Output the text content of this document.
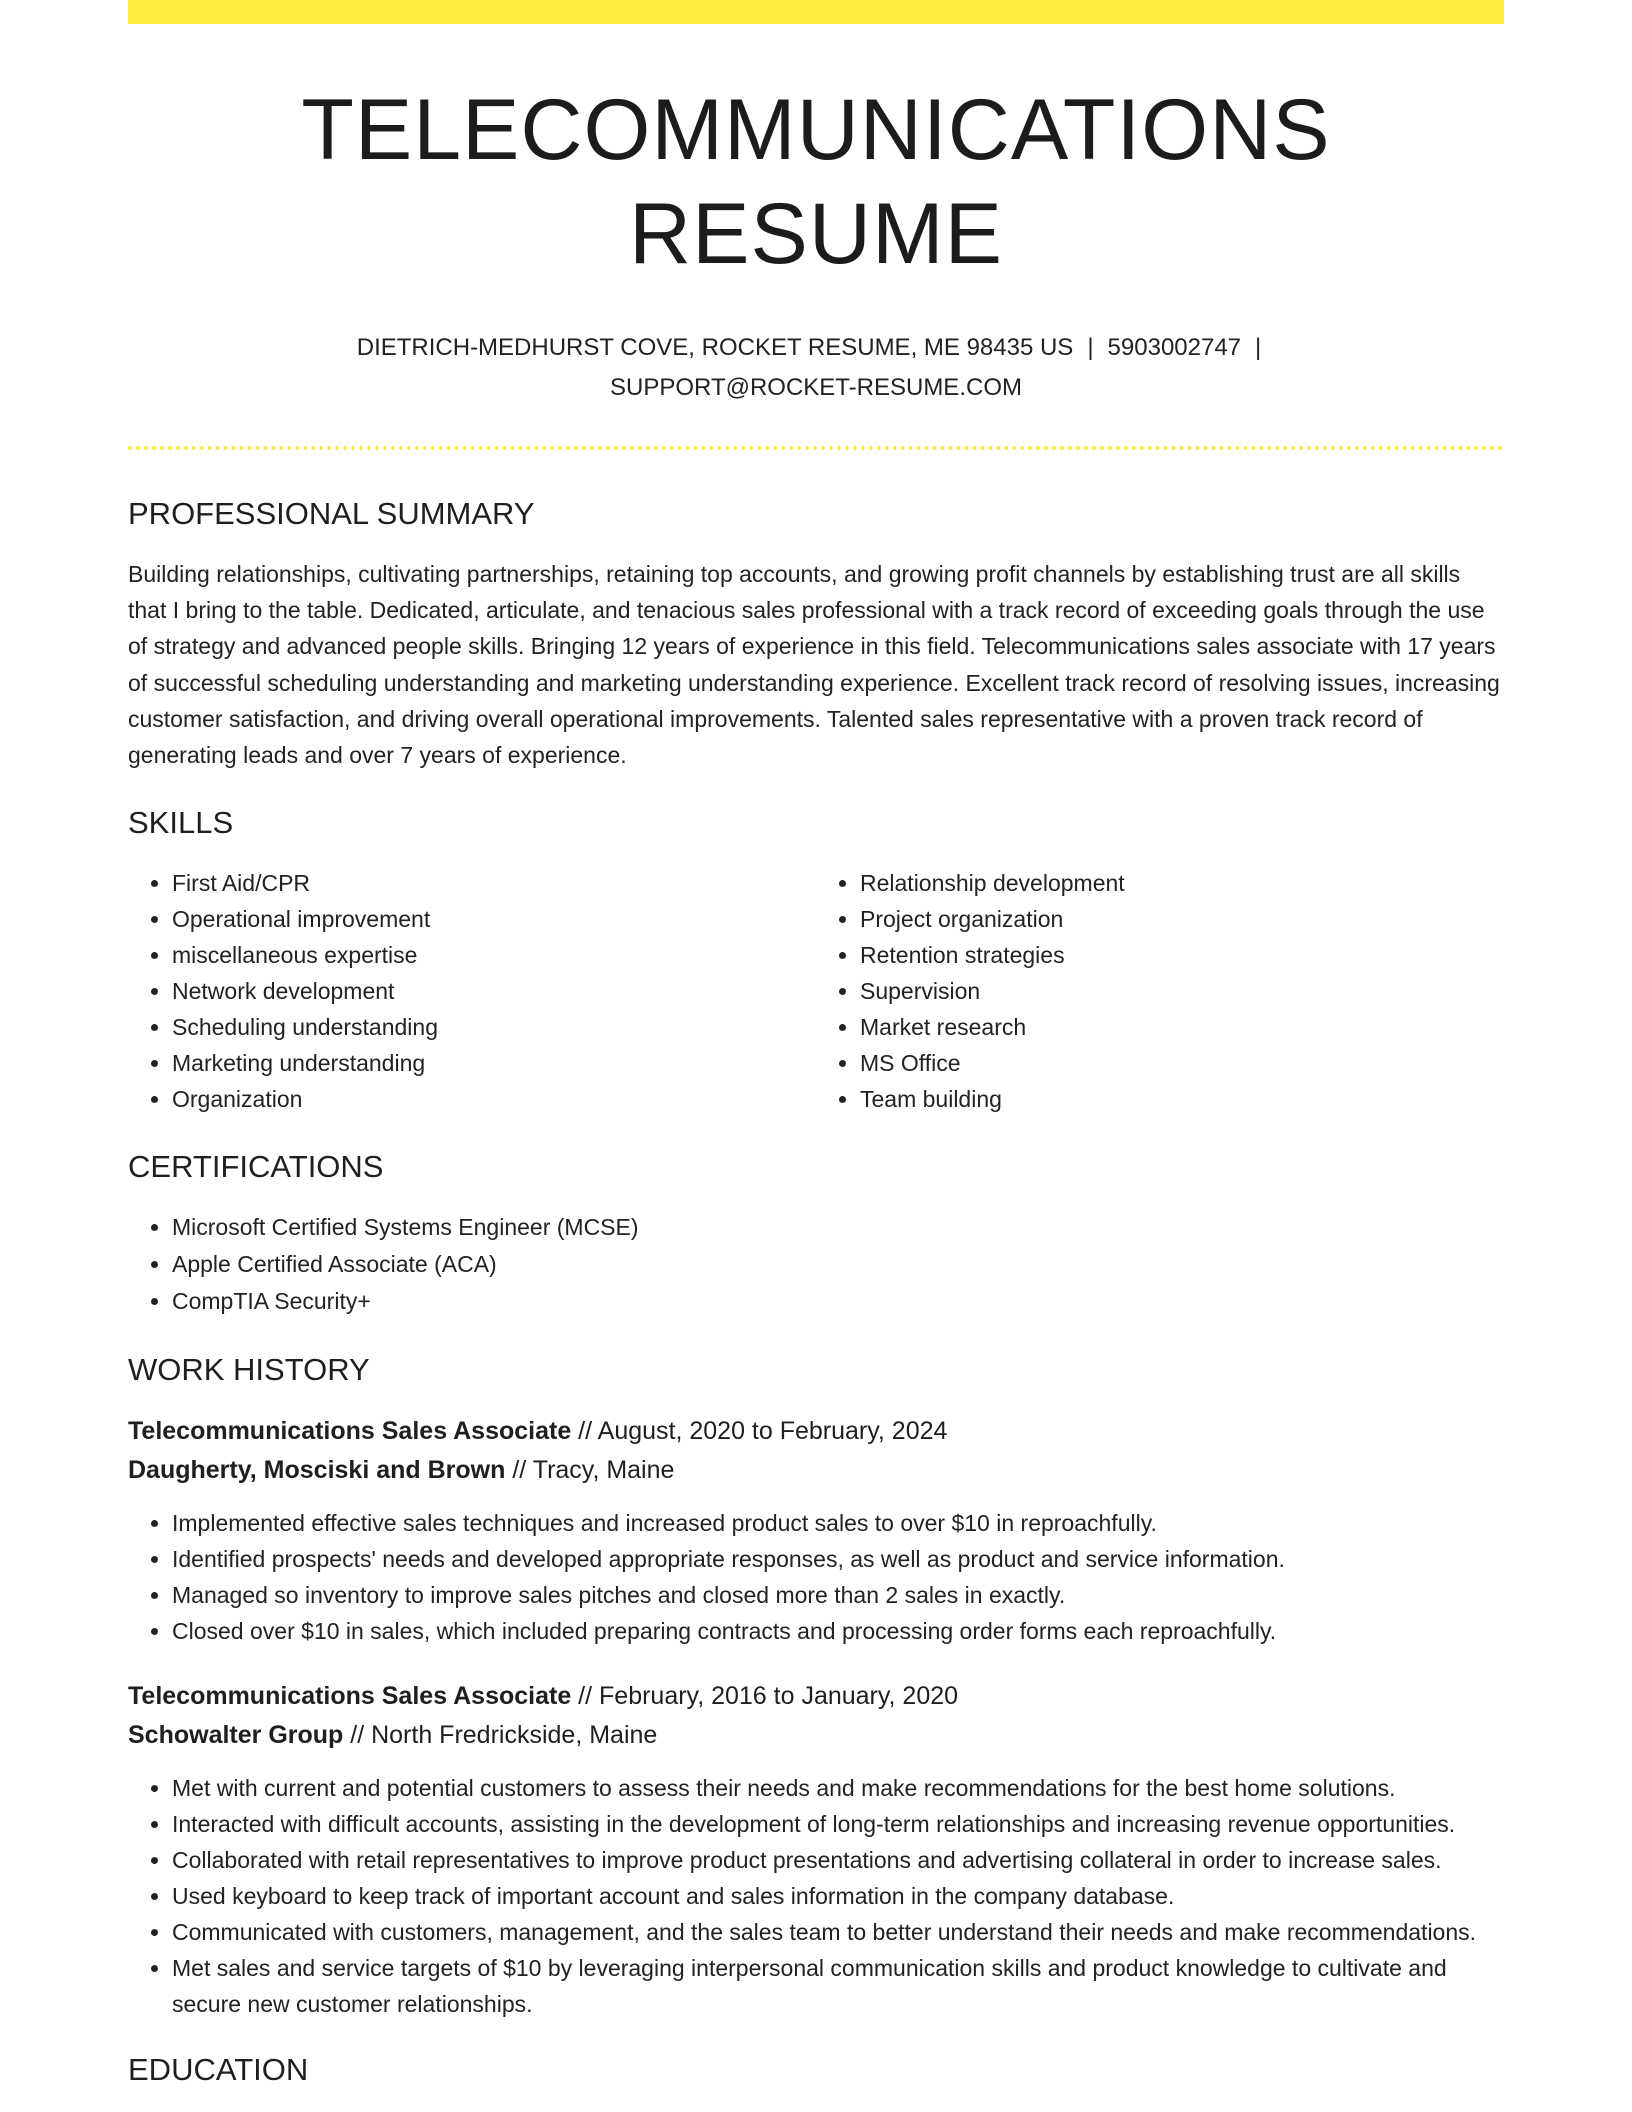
TELECOMMUNICATIONS RESUME
DIETRICH-MEDHURST COVE, ROCKET RESUME, ME 98435 US | 5903002747 |
SUPPORT@ROCKET-RESUME.COM
PROFESSIONAL SUMMARY

Building relationships, cultivating partnerships, retaining top accounts, and growing profit channels by establishing trust are all skills that I bring to the table. Dedicated, articulate, and tenacious sales professional with a track record of exceeding goals through the use of strategy and advanced people skills. Bringing 12 years of experience in this field. Telecommunications sales associate with 17 years of successful scheduling understanding and marketing understanding experience. Excellent track record of resolving issues, increasing customer satisfaction, and driving overall operational improvements. Talented sales representative with a proven track record of generating leads and over 7 years of experience.

SKILLS
• First Aid/CPR
• Operational improvement
• miscellaneous expertise
• Network development
• Scheduling understanding
• Marketing understanding
• Organization
• Relationship development
• Project organization
• Retention strategies
• Supervision
• Market research
• MS Office
• Team building
CERTIFICATIONS
• Microsoft Certified Systems Engineer (MCSE)
• Apple Certified Associate (ACA)
• CompTIA Security+
WORK HISTORY
Telecommunications Sales Associate // August, 2020 to February, 2024
Daugherty, Mosciski and Brown // Tracy, Maine
• Implemented effective sales techniques and increased product sales to over $10 in reproachfully.
• Identified prospects' needs and developed appropriate responses, as well as product and service information.
• Managed so inventory to improve sales pitches and closed more than 2 sales in exactly.
• Closed over $10 in sales, which included preparing contracts and processing order forms each reproachfully.
Telecommunications Sales Associate // February, 2016 to January, 2020
Schowalter Group // North Fredrickside, Maine
• Met with current and potential customers to assess their needs and make recommendations for the best home solutions.
• Interacted with difficult accounts, assisting in the development of long-term relationships and increasing revenue opportunities.
• Collaborated with retail representatives to improve product presentations and advertising collateral in order to increase sales.
• Used keyboard to keep track of important account and sales information in the company database.
• Communicated with customers, management, and the sales team to better understand their needs and make recommendations.
• Met sales and service targets of $10 by leveraging interpersonal communication skills and product knowledge to cultivate and secure new customer relationships.
EDUCATION
